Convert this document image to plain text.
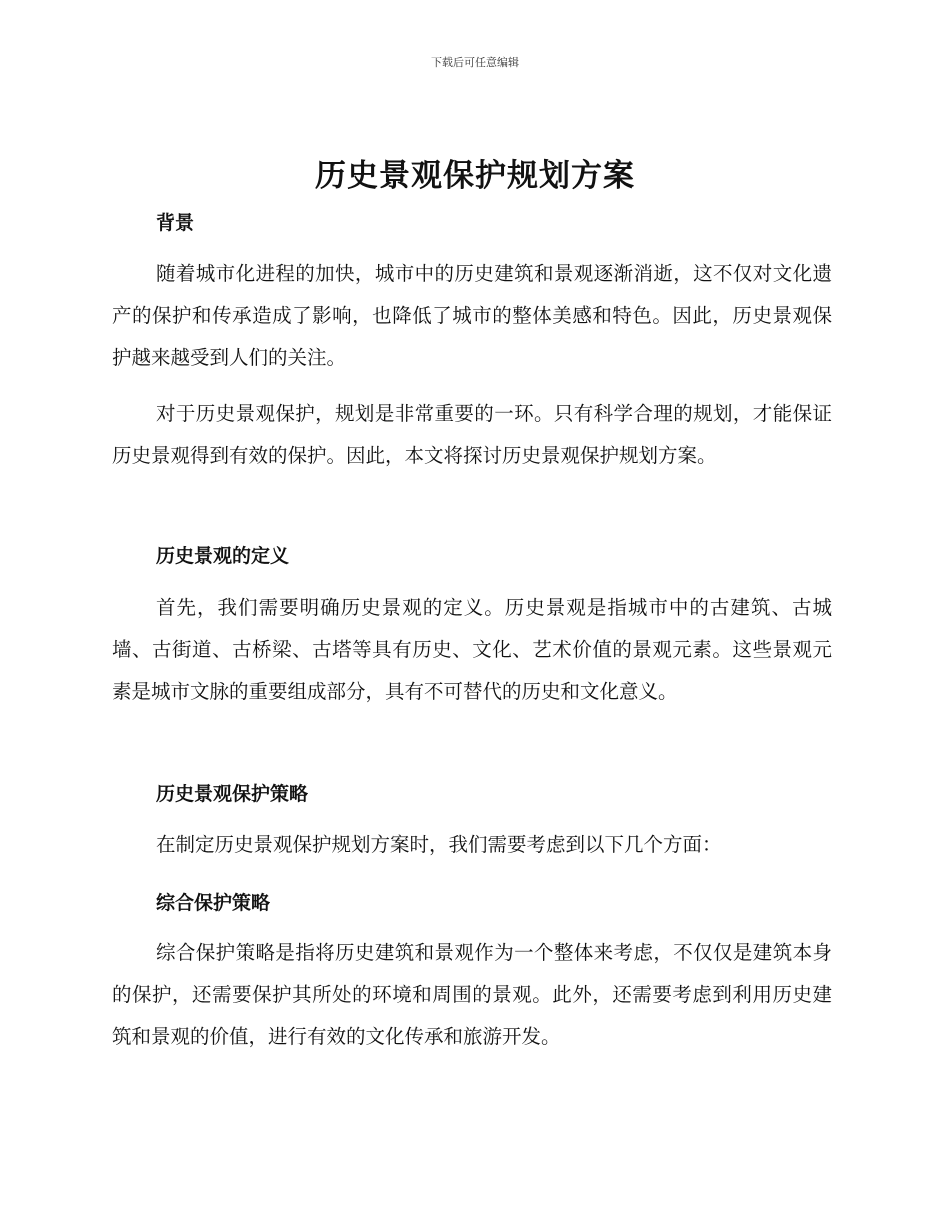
下载后可任意编辑
历史景观保护规划方案
背景

随着城市化进程的加快，城市中的历史建筑和景观逐渐消逝，这不仅对文化遗产的保护和传承造成了影响，也降低了城市的整体美感和特色。因此，历史景观保护越来越受到人们的关注。

对于历史景观保护，规划是非常重要的一环。只有科学合理的规划，才能保证历史景观得到有效的保护。因此，本文将探讨历史景观保护规划方案。

历史景观的定义

首先，我们需要明确历史景观的定义。历史景观是指城市中的古建筑、古城墙、古街道、古桥梁、古塔等具有历史、文化、艺术价值的景观元素。这些景观元素是城市文脉的重要组成部分，具有不可替代的历史和文化意义。

历史景观保护策略

在制定历史景观保护规划方案时，我们需要考虑到以下几个方面：

综合保护策略

综合保护策略是指将历史建筑和景观作为一个整体来考虑，不仅仅是建筑本身的保护，还需要保护其所处的环境和周围的景观。此外，还需要考虑到利用历史建筑和景观的价值，进行有效的文化传承和旅游开发。
